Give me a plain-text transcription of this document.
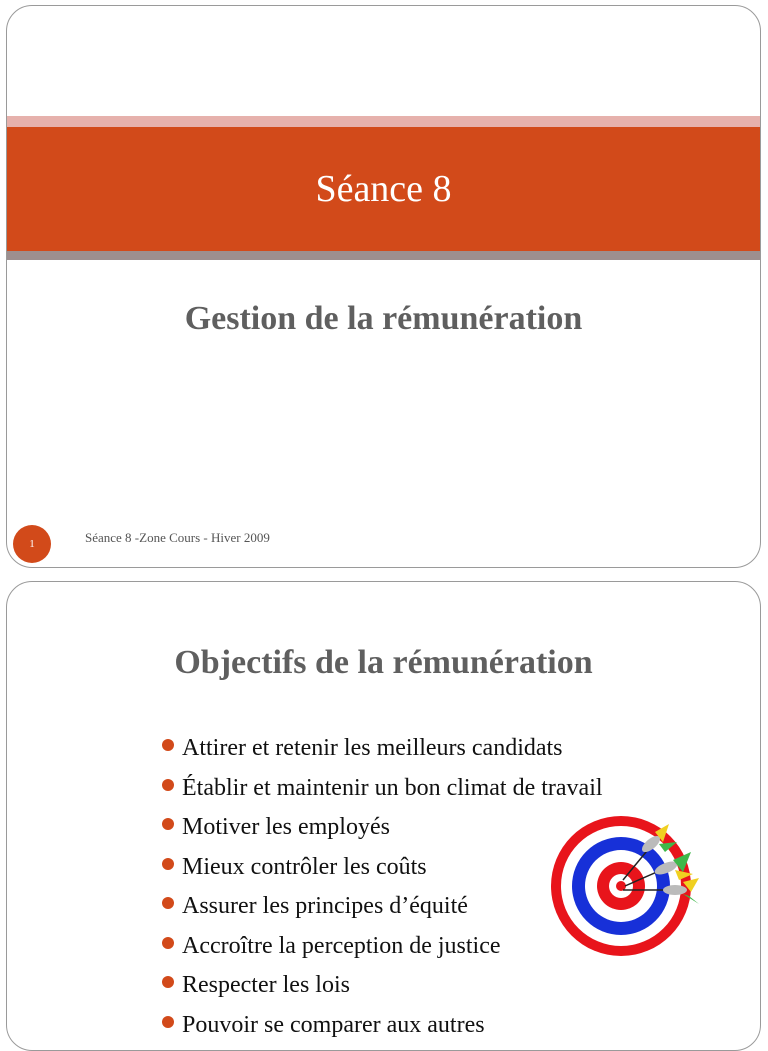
Séance 8
Gestion de la rémunération
1	Séance 8 -Zone Cours - Hiver 2009
Objectifs de la rémunération
Attirer et retenir les meilleurs candidats
Établir et maintenir un bon climat de travail
Motiver les employés
Mieux contrôler les coûts
Assurer les principes d’équité
Accroître la perception de justice
Respecter les lois
Pouvoir se comparer aux autres
